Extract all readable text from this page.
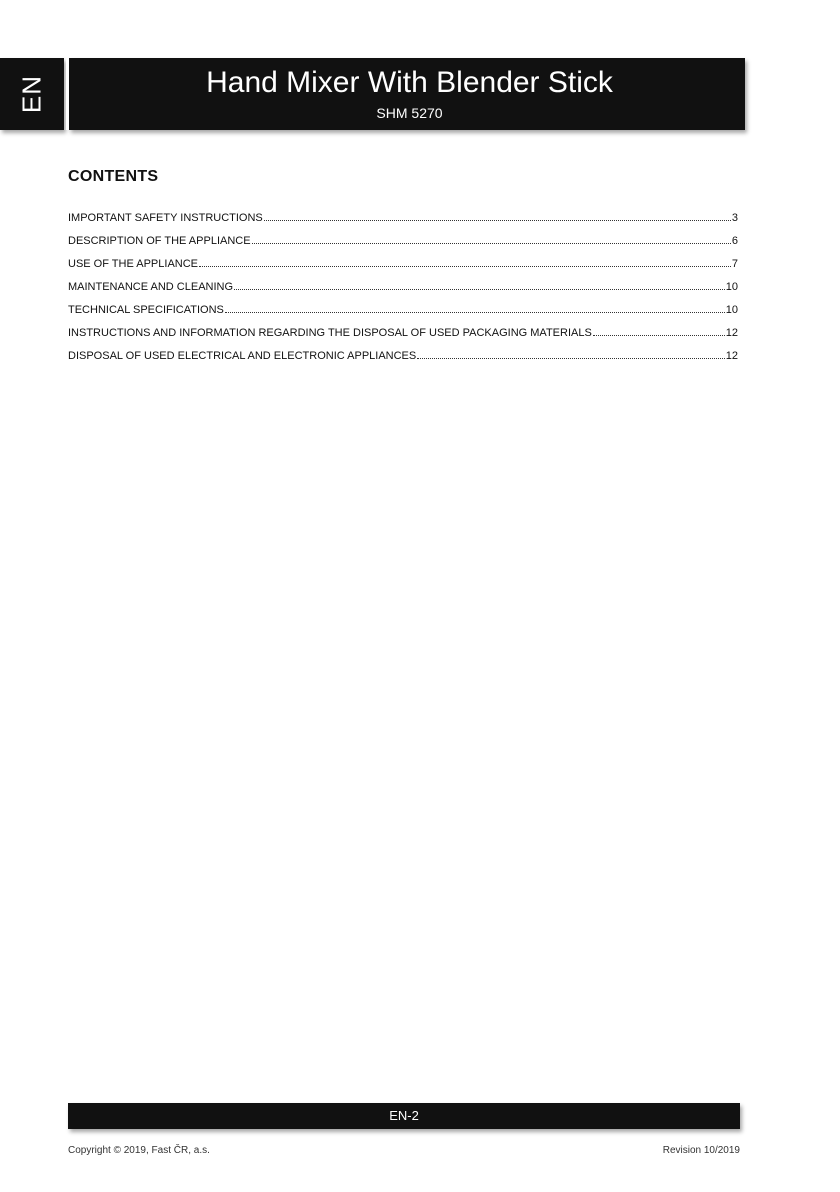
EN	Hand Mixer With Blender Stick
SHM 5270
CONTENTS
IMPORTANT SAFETY INSTRUCTIONS	3
DESCRIPTION OF THE APPLIANCE	6
USE OF THE APPLIANCE	7
MAINTENANCE AND CLEANING	10
TECHNICAL SPECIFICATIONS	10
INSTRUCTIONS AND INFORMATION REGARDING THE DISPOSAL OF USED PACKAGING MATERIALS	12
DISPOSAL OF USED ELECTRICAL AND ELECTRONIC APPLIANCES	12
EN-2
Copyright © 2019, Fast ČR, a.s.	Revision 10/2019
